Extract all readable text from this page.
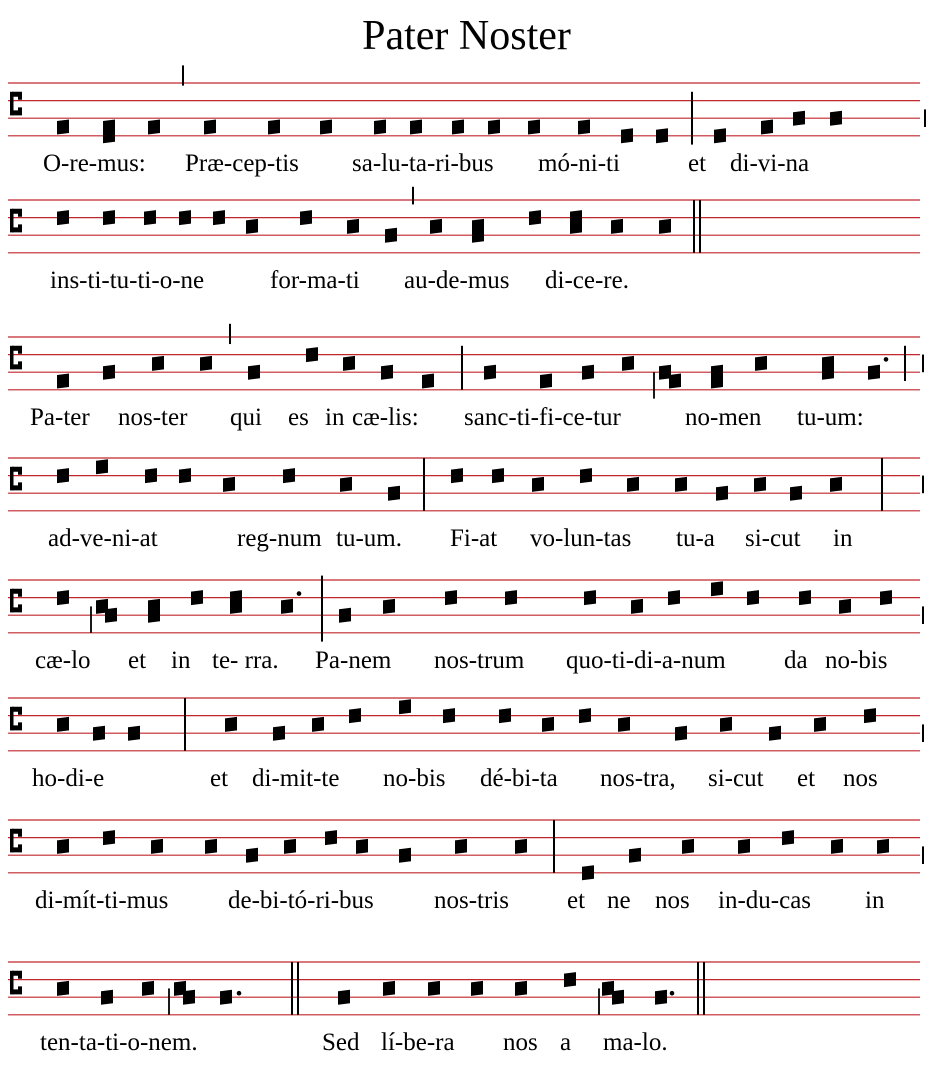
Pater Noster
O-re-mus: Præ-cep-tis sa-lu-ta-ri-bus mó-ni-ti	et di-vi-na
ins-ti-tu-ti-o-ne	for-ma-ti au-de-mus di-ce-re.
Pa-ter nos-ter qui es in cæ-lis: sanc-ti-fi-ce-tur	no-men tu-um:
ad-ve-ni-at	reg-num tu-um. Fi-at vo-lun-tas tu-a si-cut in
cæ-lo et in te- rra. Pa-nem nos-trum quo-ti-di-a-num da no-bis
ho-di-e	et di-mit-te no-bis dé-bi-ta nos-tra, si-cut et nos
di-mít-ti-mus de-bi-tó-ri-bus nos-tris et ne nos in-du-cas in
ten-ta-ti-o-nem.	Sed lí-be-ra nos a ma-lo.
